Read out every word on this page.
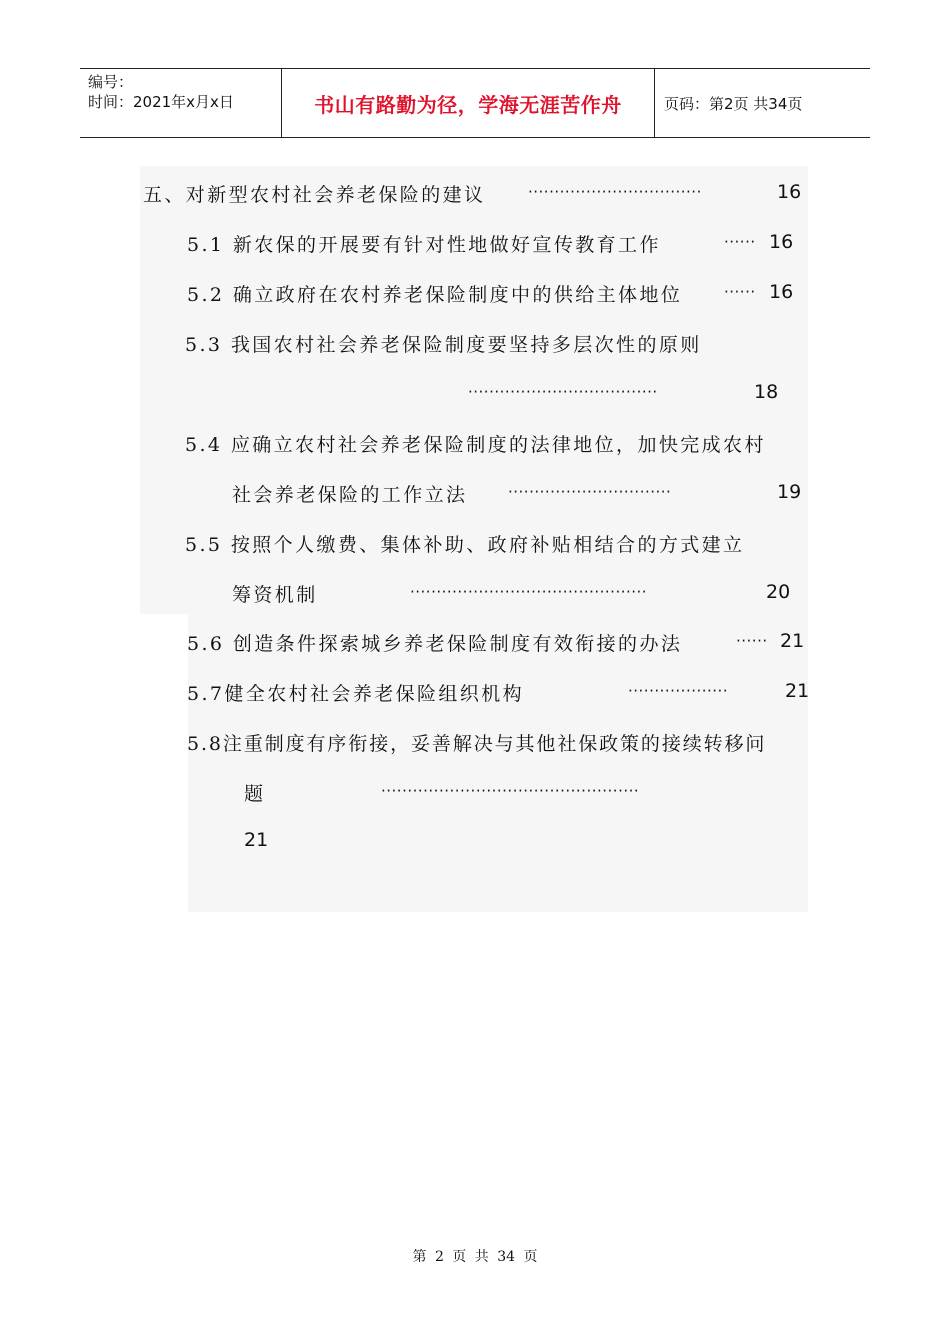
编号：
时间：2021年x月x日	书山有路勤为径，学海无涯苦作舟	页码：第2页 共34页
五、对新型农村社会养老保险的建议	·································	16
5.1 新农保的开展要有针对性地做好宣传教育工作	······ 16
5.2 确立政府在农村养老保险制度中的供给主体地位	······ 16
5.3 我国农村社会养老保险制度要坚持多层次性的原则
····································	18
5.4 应确立农村社会养老保险制度的法律地位，加快完成农村
社会养老保险的工作立法	·······························	19
5.5 按照个人缴费、集体补助、政府补贴相结合的方式建立
筹资机制	·············································	20
5.6 创造条件探索城乡养老保险制度有效衔接的办法	······ 21
5.7健全农村社会养老保险组织机构	···················	21
5.8注重制度有序衔接，妥善解决与其他社保政策的接续转移问
题	·················································
21
第 2 页 共 34 页
